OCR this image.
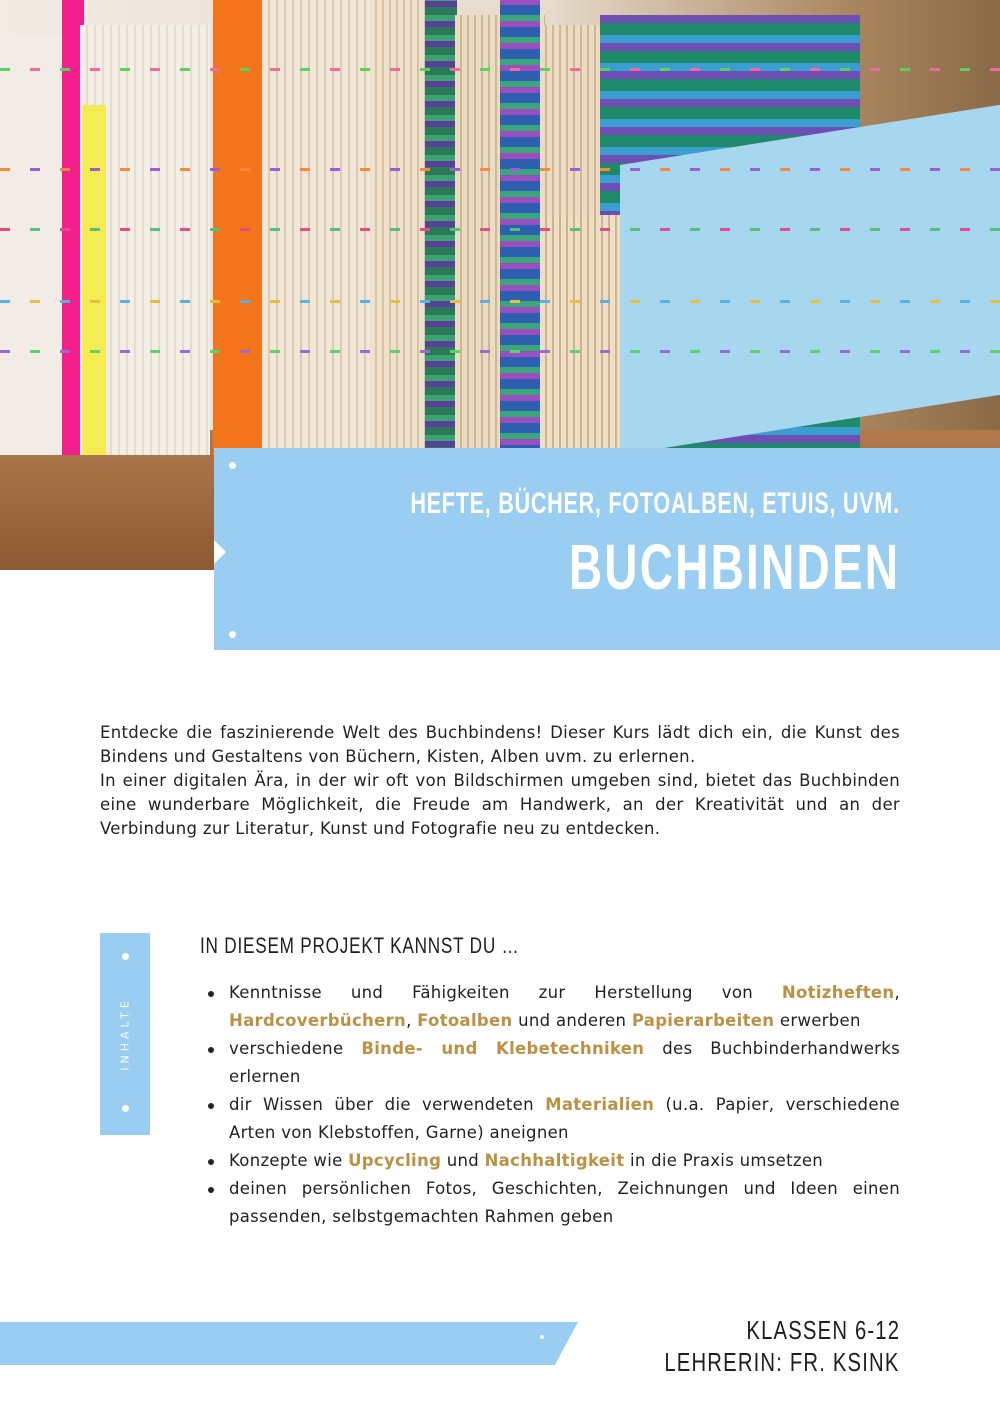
HEFTE, BÜCHER, FOTOALBEN, ETUIS, UVM.
BUCHBINDEN

Entdecke die faszinierende Welt des Buchbindens! Dieser Kurs lädt dich ein, die Kunst des Bindens und Gestaltens von Büchern, Kisten, Alben uvm. zu erlernen.

In einer digitalen Ära, in der wir oft von Bildschirmen umgeben sind, bietet das Buchbinden eine wunderbare Möglichkeit, die Freude am Handwerk, an der Kreativität und an der Verbindung zur Literatur, Kunst und Fotografie neu zu entdecken.

INHALTE
IN DIESEM PROJEKT KANNST DU …
Kenntnisse und Fähigkeiten zur Herstellung von Notizheften, Hardcoverbüchern, Fotoalben und anderen Papierarbeiten erwerben
verschiedene Binde- und Klebetechniken des Buchbinderhandwerks erlernen
dir Wissen über die verwendeten Materialien (u.a. Papier, verschiedene Arten von Klebstoffen, Garne) aneignen
Konzepte wie Upcycling und Nachhaltigkeit in die Praxis umsetzen
deinen persönlichen Fotos, Geschichten, Zeichnungen und Ideen einen passenden, selbstgemachten Rahmen geben
KLASSEN 6-12
LEHRERIN: FR. KSINK
